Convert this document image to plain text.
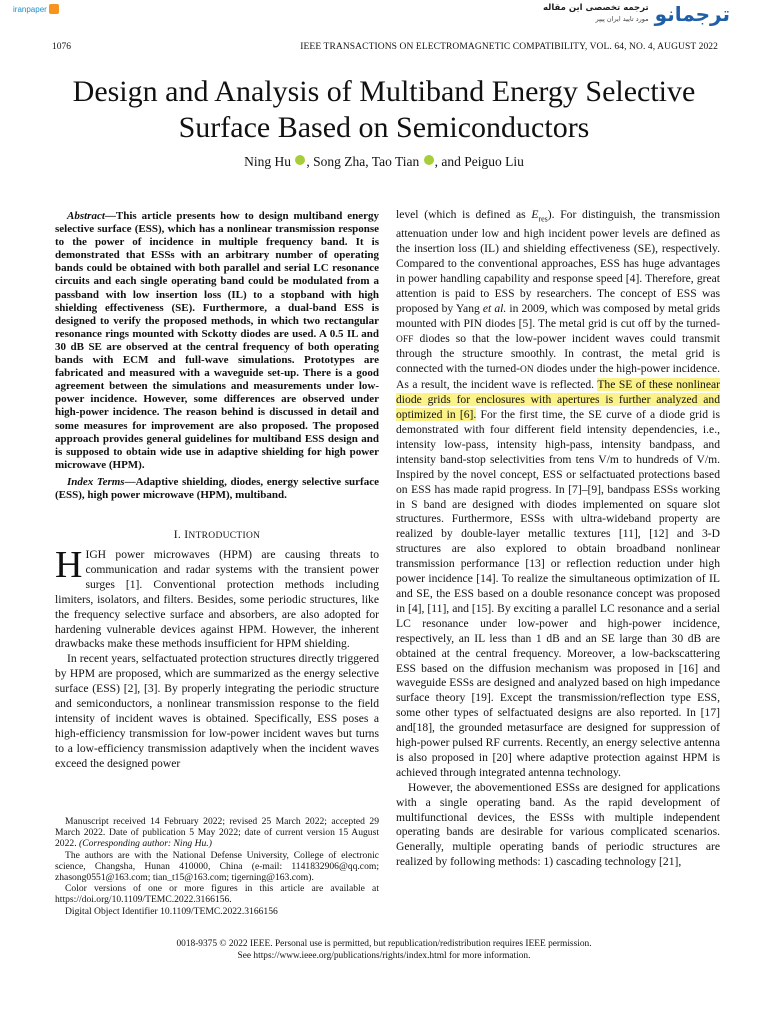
iranpaper	ترجمه تخصصی این مقاله
مورد تایید ایران پیپر ترجمانو
1076	IEEE TRANSACTIONS ON ELECTROMAGNETIC COMPATIBILITY, VOL. 64, NO. 4, AUGUST 2022
Design and Analysis of Multiband Energy Selective
Surface Based on Semiconductors
Ning Hu , Song Zha, Tao Tian , and Peiguo Liu
Abstract—This article presents how to design multiband energy selective surface (ESS), which has a nonlinear transmission response to the power of incidence in multiple frequency band. It is demonstrated that ESSs with an arbitrary number of operating bands could be obtained with both parallel and serial LC resonance circuits and each single operating band could be modulated from a passband with low insertion loss (IL) to a stopband with high shielding effectiveness (SE). Furthermore, a dual-band ESS is designed to verify the proposed methods, in which two rectangular resonance rings mounted with Sckotty diodes are used. A 0.5 IL and 30 dB SE are observed at the central frequency of both operating bands with ECM and full-wave simulations. Prototypes are fabricated and measured with a waveguide set-up. There is a good agreement between the simulations and measurements under low-power incidence. However, some differences are observed under high-power incidence. The reason behind is discussed in detail and some measures for improvement are also proposed. The proposed approach provides general guidelines for multiband ESS design and is supposed to obtain wide use in adaptive shielding for high power microwave (HPM).
Index Terms—Adaptive shielding, diodes, energy selective surface (ESS), high power microwave (HPM), multiband.
I. INTRODUCTION

HIGH power microwaves (HPM) are causing threats to communication and radar systems with the transient power surges [1]. Conventional protection methods including limiters, isolators, and filters. Besides, some periodic structures, like the frequency selective surface and absorbers, are also adopted for hardening vulnerable devices against HPM. However, the inherent drawbacks make these methods insufficient for HPM shielding.

In recent years, selfactuated protection structures directly triggered by HPM are proposed, which are summarized as the energy selective surface (ESS) [2], [3]. By properly integrating the periodic structure and semiconductors, a nonlinear transmission response to the field intensity of incident waves is obtained. Specifically, ESS poses a high-efficiency transmission for low-power incident waves but turns to a low-efficiency transmission adaptively when the incident waves exceed the designed power

Manuscript received 14 February 2022; revised 25 March 2022; accepted 29 March 2022. Date of publication 5 May 2022; date of current version 15 August 2022. (Corresponding author: Ning Hu.)

The authors are with the National Defense University, College of electronic science, Changsha, Hunan 410000, China (e-mail: 1141832906@qq.com; zhasong0551@163.com; tian_t15@163.com; tigerning@163.com).

Color versions of one or more figures in this article are available at https://doi.org/10.1109/TEMC.2022.3166156.

Digital Object Identifier 10.1109/TEMC.2022.3166156

level (which is defined as $E_{res}$). For distinguish, the transmission attenuation under low and high incident power levels are defined as the insertion loss (IL) and shielding effectiveness (SE), respectively. Compared to the conventional approaches, ESS has huge advantages in power handling capability and response speed [4]. Therefore, great attention is paid to ESS by researchers. The concept of ESS was proposed by Yang et al. in 2009, which was composed by metal grids mounted with PIN diodes [5]. The metal grid is cut off by the turned-OFF diodes so that the low-power incident waves could transmit through the structure smoothly. In contrast, the metal grid is connected with the turned-ON diodes under the high-power incidence. As a result, the incident wave is reflected. The SE of these nonlinear diode grids for enclosures with apertures is further analyzed and optimized in [6]. For the first time, the SE curve of a diode grid is demonstrated with four different field intensity dependencies, i.e., intensity low-pass, intensity high-pass, intensity bandpass, and intensity band-stop selectivities from tens V/m to hundreds of V/m. Inspired by the novel concept, ESS or selfactuated protections based on ESS has made rapid progress. In [7]–[9], bandpass ESSs working in S band are designed with diodes implemented on square slot structures. Furthermore, ESSs with ultra-wideband property are realized by double-layer metallic textures [11], [12] and 3-D structures are also explored to obtain broadband nonlinear transmission performance [13] or reflection reduction under high power incidence [14]. To realize the simultaneous optimization of IL and SE, the ESS based on a double resonance concept was proposed in [4], [11], and [15]. By exciting a parallel LC resonance and a serial LC resonance under low-power and high-power incidence, respectively, an IL less than 1 dB and an SE large than 30 dB are obtained at the central frequency. Moreover, a low-backscattering ESS based on the diffusion mechanism was proposed in [16] and waveguide ESSs are designed and analyzed based on high impedance surface theory [19]. Except the transmission/reflection type ESS, some other types of selfactuated designs are also reported. In [17] and[18], the grounded metasurface are designed for suppression of high-power pulsed RF currents. Recently, an energy selective antenna is also proposed in [20] where adaptive protection against HPM is achieved through integrated antenna technology.

However, the abovementioned ESSs are designed for applications with a single operating band. As the rapid development of multifunctional devices, the ESSs with multiple independent operating bands are desirable for various complicated scenarios. Generally, multiple operating bands of periodic structures are realized by following methods: 1) cascading technology [21],

0018-9375 © 2022 IEEE. Personal use is permitted, but republication/redistribution requires IEEE permission.
See https://www.ieee.org/publications/rights/index.html for more information.
